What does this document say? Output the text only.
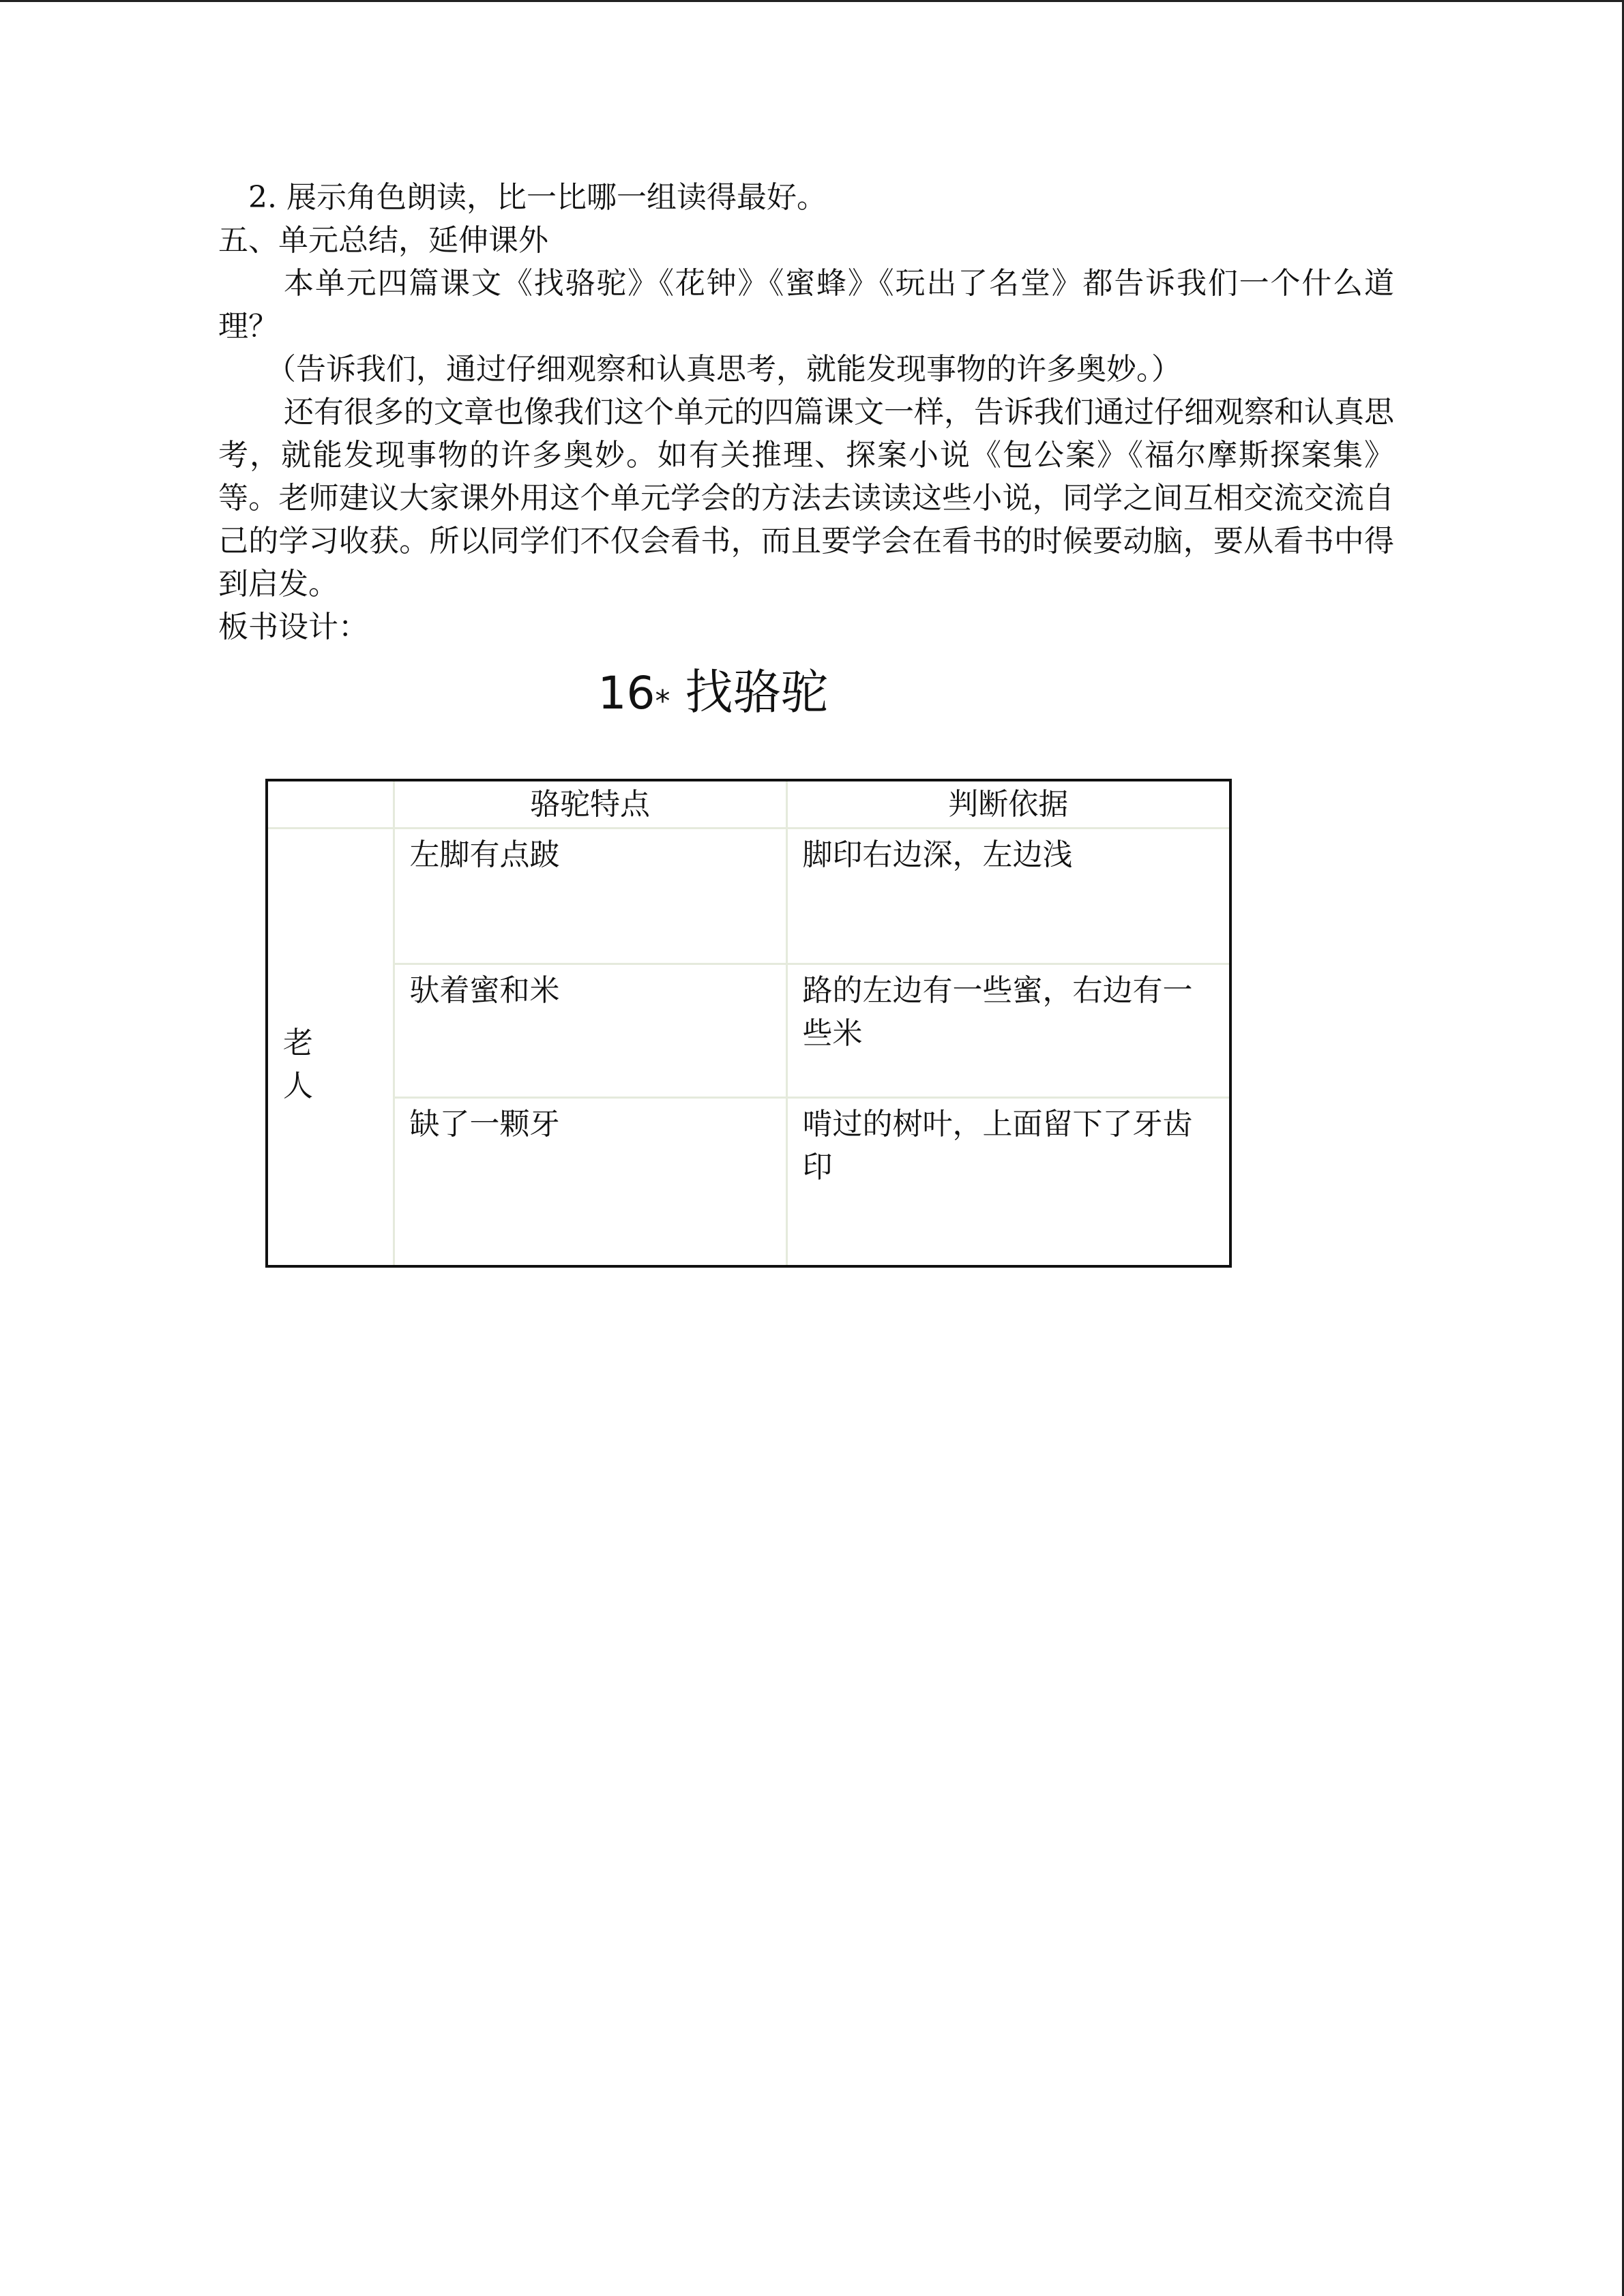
2. 展示角色朗读，比一比哪一组读得最好。
五、单元总结，延伸课外

本单元四篇课文《找骆驼》《花钟》《蜜蜂》《玩出了名堂》都告诉我们一个什么道理？

（告诉我们，通过仔细观察和认真思考，就能发现事物的许多奥妙。）

还有很多的文章也像我们这个单元的四篇课文一样，告诉我们通过仔细观察和认真思考，就能发现事物的许多奥妙。如有关推理、探案小说《包公案》《福尔摩斯探案集》等。老师建议大家课外用这个单元学会的方法去读读这些小说，同学之间互相交流交流自己的学习收获。所以同学们不仅会看书，而且要学会在看书的时候要动脑，要从看书中得到启发。

板书设计：
16* 找骆驼
	骆驼特点	判断依据

老
人	左脚有点跛	脚印右边深，左边浅
	驮着蜜和米	路的左边有一些蜜，右边有一些米
	缺了一颗牙	啃过的树叶，上面留下了牙齿印
